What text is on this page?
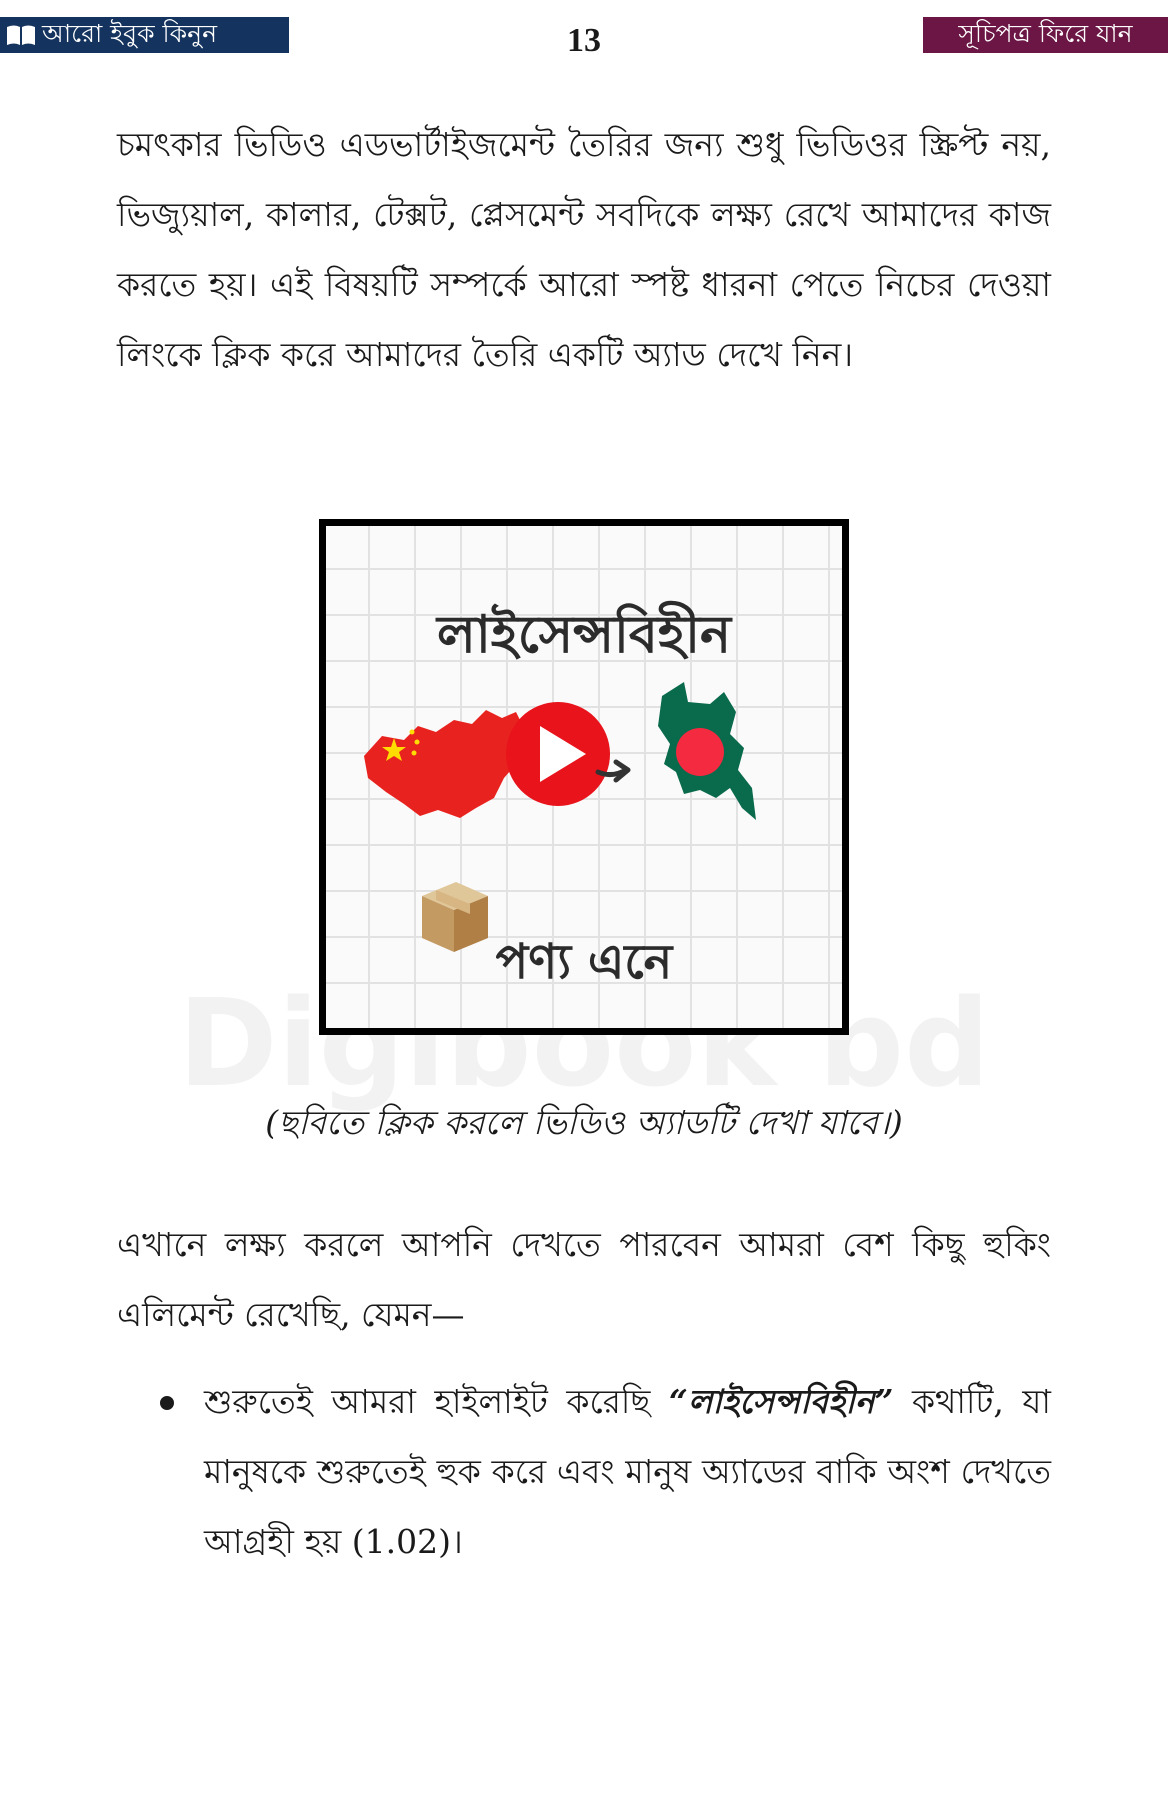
আরো ইবুক কিনুন	13	সূচিপত্র ফিরে যান

চমৎকার ভিডিও এডভার্টাইজমেন্ট তৈরির জন্য শুধু ভিডিওর স্ক্রিপ্ট নয়, ভিজ্যুয়াল, কালার, টেক্সট, প্লেসমেন্ট সবদিকে লক্ষ্য রেখে আমাদের কাজ করতে হয়। এই বিষয়টি সম্পর্কে আরো স্পষ্ট ধারনা পেতে নিচের দেওয়া লিংকে ক্লিক করে আমাদের তৈরি একটি অ্যাড দেখে নিন।

Digibook bd
লাইসেন্সবিহীন
পণ্য এনে

(ছবিতে ক্লিক করলে ভিডিও অ্যাডটি দেখা যাবে।)

এখানে লক্ষ্য করলে আপনি দেখতে পারবেন আমরা বেশ কিছু হুকিং এলিমেন্ট রেখেছি, যেমন—

শুরুতেই আমরা হাইলাইট করেছি “লাইসেন্সবিহীন” কথাটি, যা মানুষকে শুরুতেই হুক করে এবং মানুষ অ্যাডের বাকি অংশ দেখতে আগ্রহী হয় (1.02)।
